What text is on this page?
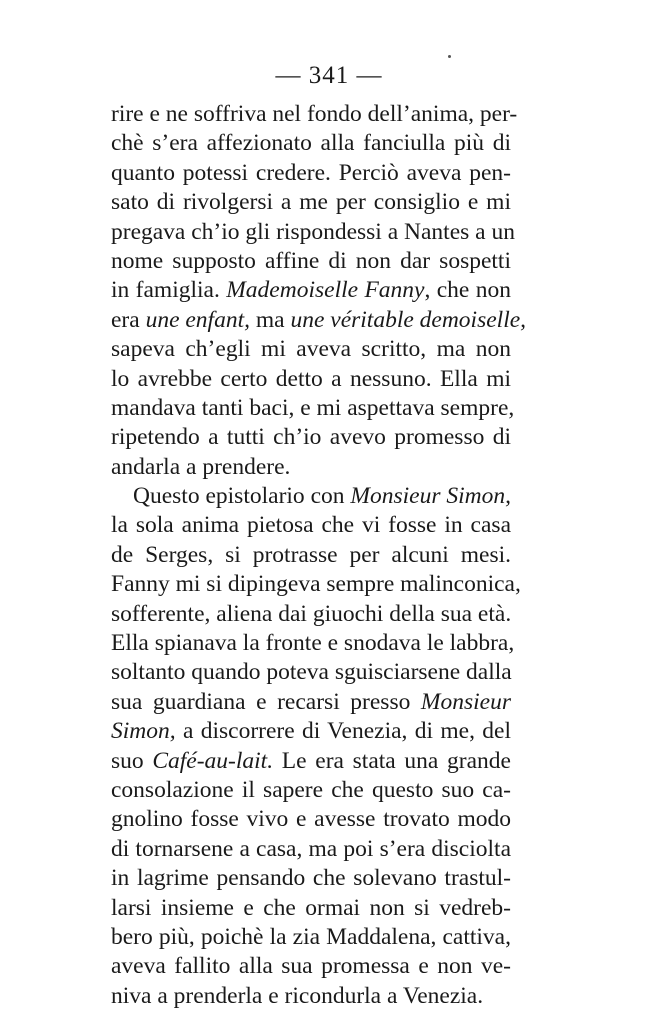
— 341 —
rire e ne soffriva nel fondo dell’anima, per-
chè s’era affezionato alla fanciulla più di
quanto potessi credere. Perciò aveva pen-
sato di rivolgersi a me per consiglio e mi
pregava ch’io gli rispondessi a Nantes a un
nome supposto affine di non dar sospetti
in famiglia. Mademoiselle Fanny, che non
era une enfant, ma une véritable demoiselle,
sapeva ch’egli mi aveva scritto, ma non
lo avrebbe certo detto a nessuno. Ella mi
mandava tanti baci, e mi aspettava sempre,
ripetendo a tutti ch’io avevo promesso di
andarla a prendere.
Questo epistolario con Monsieur Simon,
la sola anima pietosa che vi fosse in casa
de Serges, si protrasse per alcuni mesi.
Fanny mi si dipingeva sempre malinconica,
sofferente, aliena dai giuochi della sua età.
Ella spianava la fronte e snodava le labbra,
soltanto quando poteva sguisciarsene dalla
sua guardiana e recarsi presso Monsieur
Simon, a discorrere di Venezia, di me, del
suo Café-au-lait. Le era stata una grande
consolazione il sapere che questo suo ca-
gnolino fosse vivo e avesse trovato modo
di tornarsene a casa, ma poi s’era disciolta
in lagrime pensando che solevano trastul-
larsi insieme e che ormai non si vedreb-
bero più, poichè la zia Maddalena, cattiva,
aveva fallito alla sua promessa e non ve-
niva a prenderla e ricondurla a Venezia.
